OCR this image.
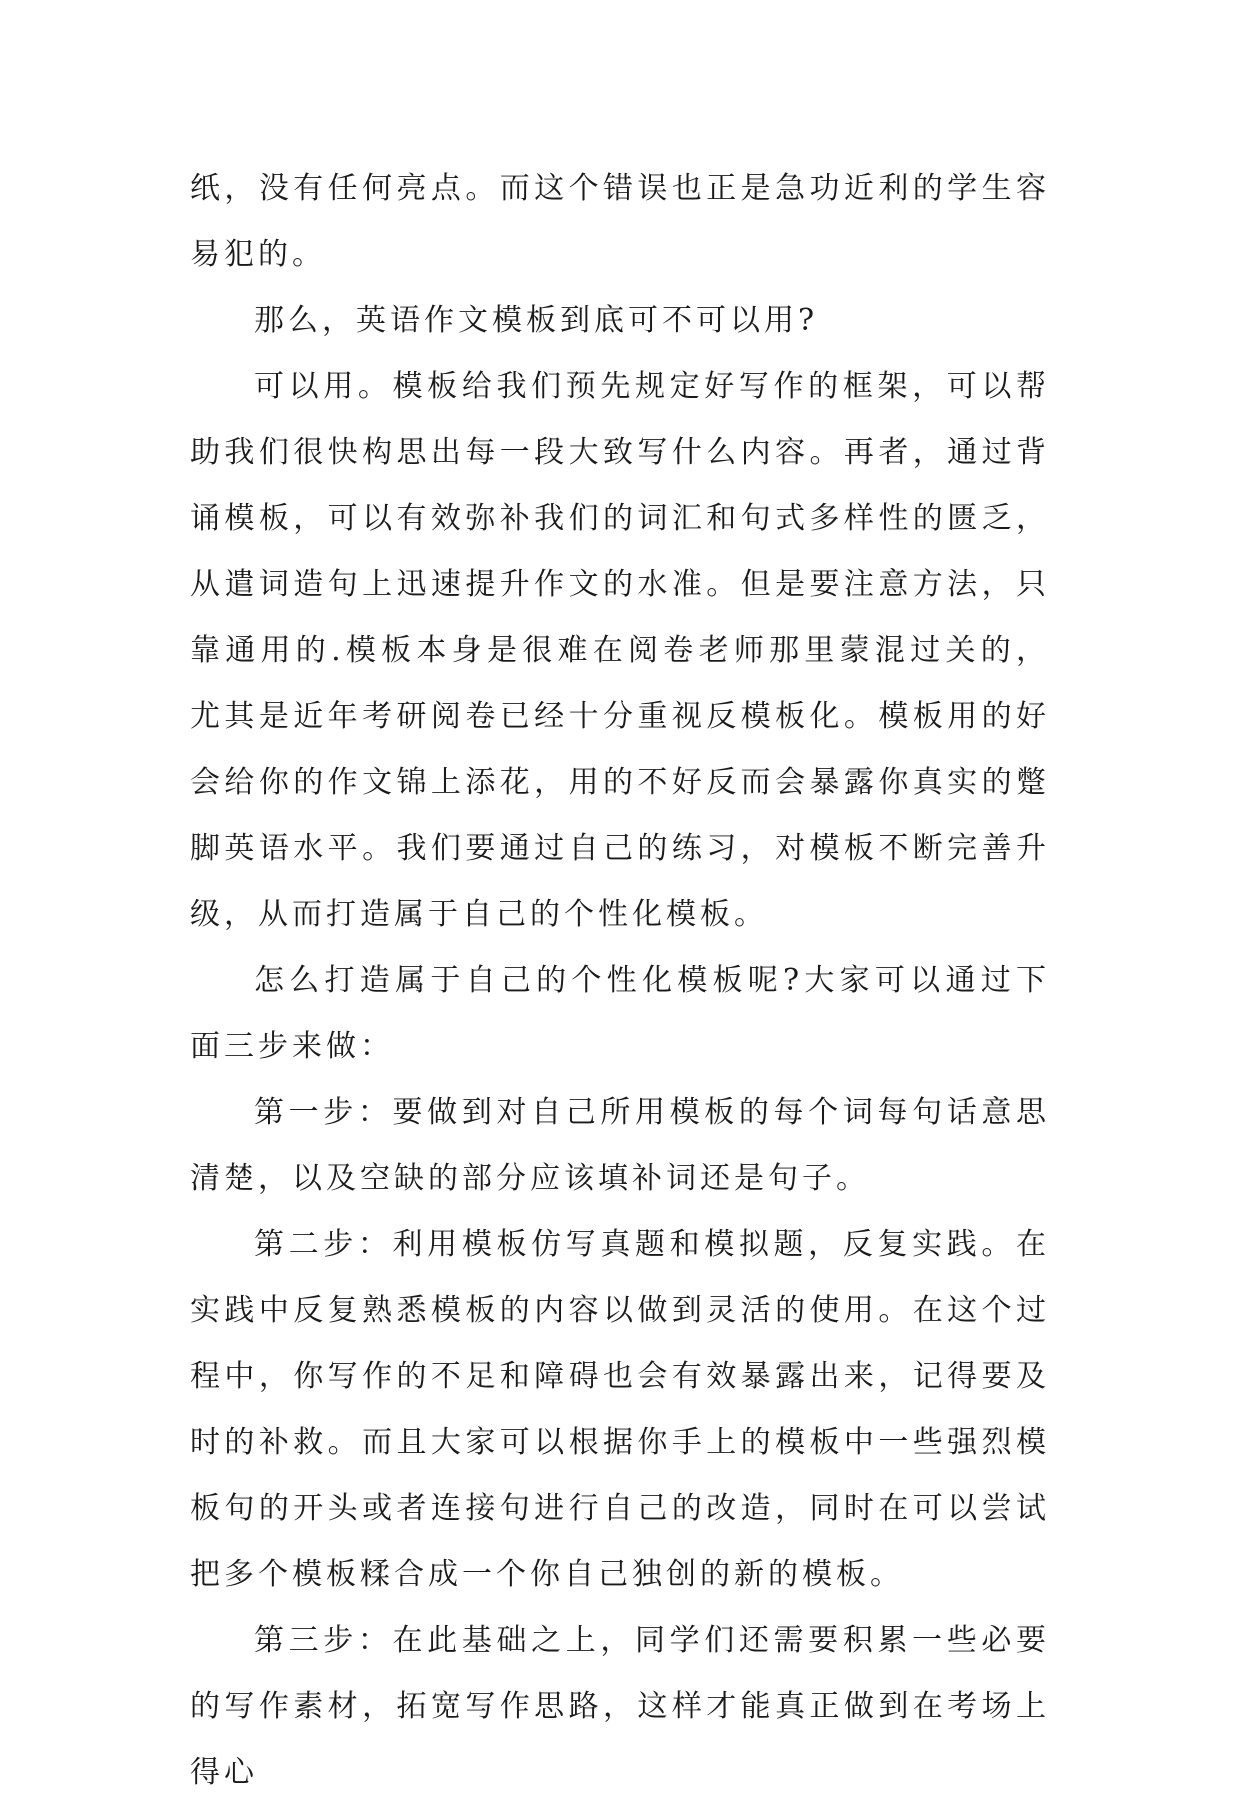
纸，没有任何亮点。而这个错误也正是急功近利的学生容易犯的。

那么，英语作文模板到底可不可以用?

可以用。模板给我们预先规定好写作的框架，可以帮助我们很快构思出每一段大致写什么内容。再者，通过背诵模板，可以有效弥补我们的词汇和句式多样性的匮乏，从遣词造句上迅速提升作文的水准。但是要注意方法，只靠通用的.模板本身是很难在阅卷老师那里蒙混过关的，尤其是近年考研阅卷已经十分重视反模板化。模板用的好会给你的作文锦上添花，用的不好反而会暴露你真实的蹩脚英语水平。我们要通过自己的练习，对模板不断完善升级，从而打造属于自己的个性化模板。

怎么打造属于自己的个性化模板呢?大家可以通过下面三步来做：

第一步：要做到对自己所用模板的每个词每句话意思清楚，以及空缺的部分应该填补词还是句子。

第二步：利用模板仿写真题和模拟题，反复实践。在实践中反复熟悉模板的内容以做到灵活的使用。在这个过程中，你写作的不足和障碍也会有效暴露出来，记得要及时的补救。而且大家可以根据你手上的模板中一些强烈模板句的开头或者连接句进行自己的改造，同时在可以尝试把多个模板糅合成一个你自己独创的新的模板。

第三步：在此基础之上，同学们还需要积累一些必要的写作素材，拓宽写作思路，这样才能真正做到在考场上得心
